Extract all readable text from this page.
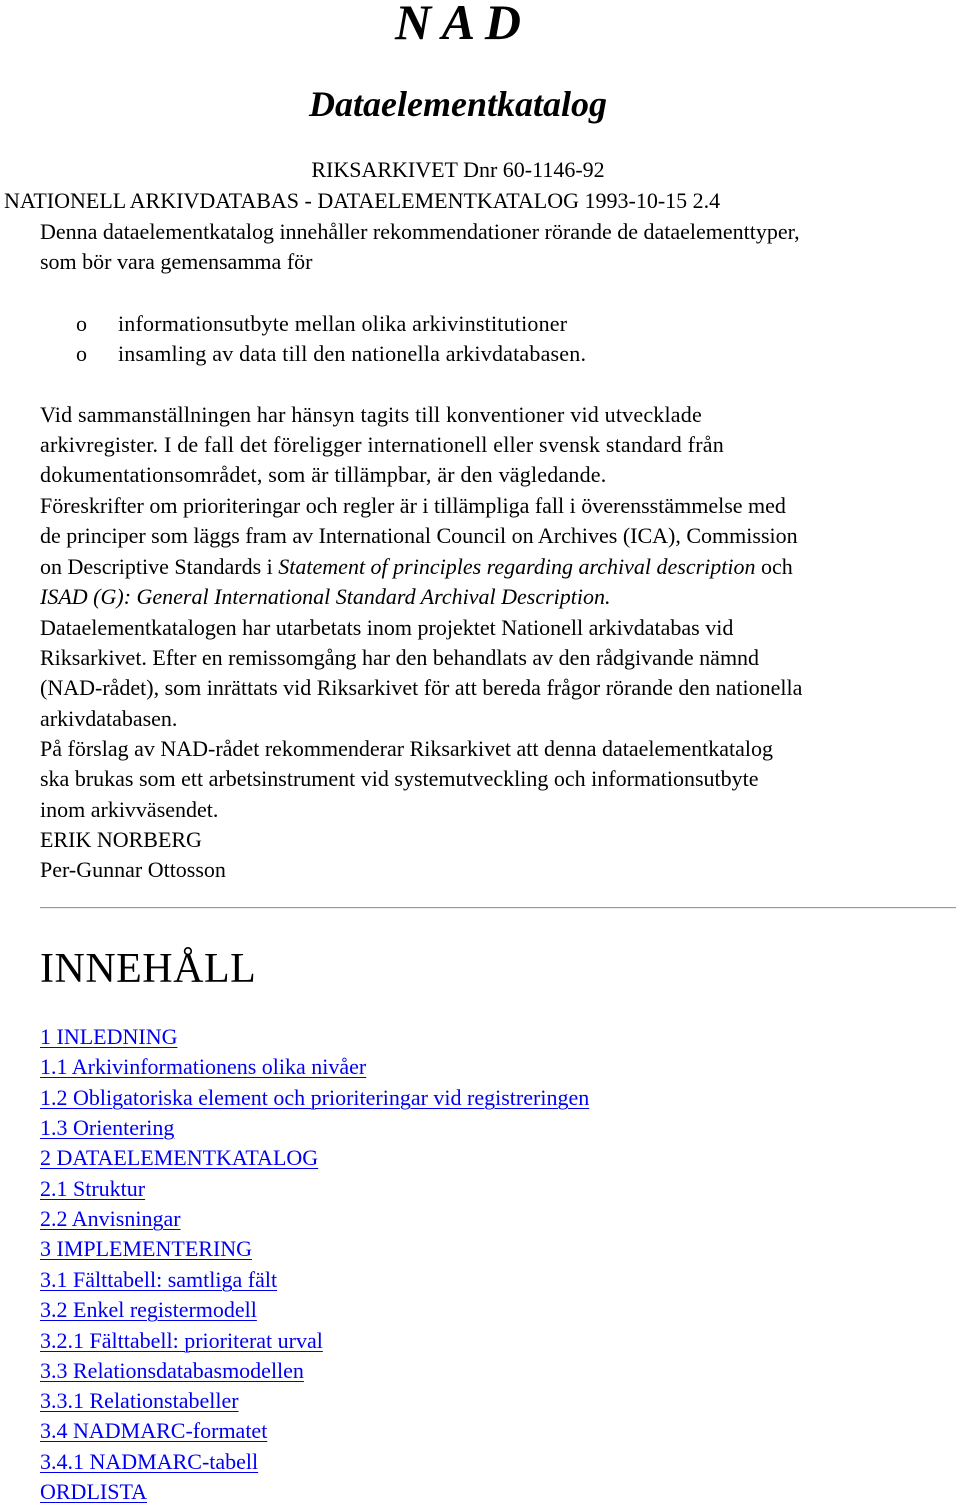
N A D
Dataelementkatalog
RIKSARKIVET Dnr 60-1146-92
NATIONELL ARKIVDATABAS - DATAELEMENTKATALOG 1993-10-15 2.4
Denna dataelementkatalog innehåller rekommendationer rörande de dataelementtyper,
som bör vara gemensamma för
o informationsutbyte mellan olika arkivinstitutioner
o insamling av data till den nationella arkivdatabasen.
Vid sammanställningen har hänsyn tagits till konventioner vid utvecklade
arkivregister. I de fall det föreligger internationell eller svensk standard från
dokumentationsområdet, som är tillämpbar, är den vägledande.
Föreskrifter om prioriteringar och regler är i tillämpliga fall i överensstämmelse med
de principer som läggs fram av International Council on Archives (ICA), Commission
on Descriptive Standards i Statement of principles regarding archival description och
ISAD (G): General International Standard Archival Description.
Dataelementkatalogen har utarbetats inom projektet Nationell arkivdatabas vid
Riksarkivet. Efter en remissomgång har den behandlats av den rådgivande nämnd
(NAD-rådet), som inrättats vid Riksarkivet för att bereda frågor rörande den nationella
arkivdatabasen.
På förslag av NAD-rådet rekommenderar Riksarkivet att denna dataelementkatalog
ska brukas som ett arbetsinstrument vid systemutveckling och informationsutbyte
inom arkivväsendet.
ERIK NORBERG
Per-Gunnar Ottosson
INNEHÅLL
1 INLEDNING
1.1 Arkivinformationens olika nivåer
1.2 Obligatoriska element och prioriteringar vid registreringen
1.3 Orientering
2 DATAELEMENTKATALOG
2.1 Struktur
2.2 Anvisningar
3 IMPLEMENTERING
3.1 Fälttabell: samtliga fält
3.2 Enkel registermodell
3.2.1 Fälttabell: prioriterat urval
3.3 Relationsdatabasmodellen
3.3.1 Relationstabeller
3.4 NADMARC-formatet
3.4.1 NADMARC-tabell
ORDLISTA
